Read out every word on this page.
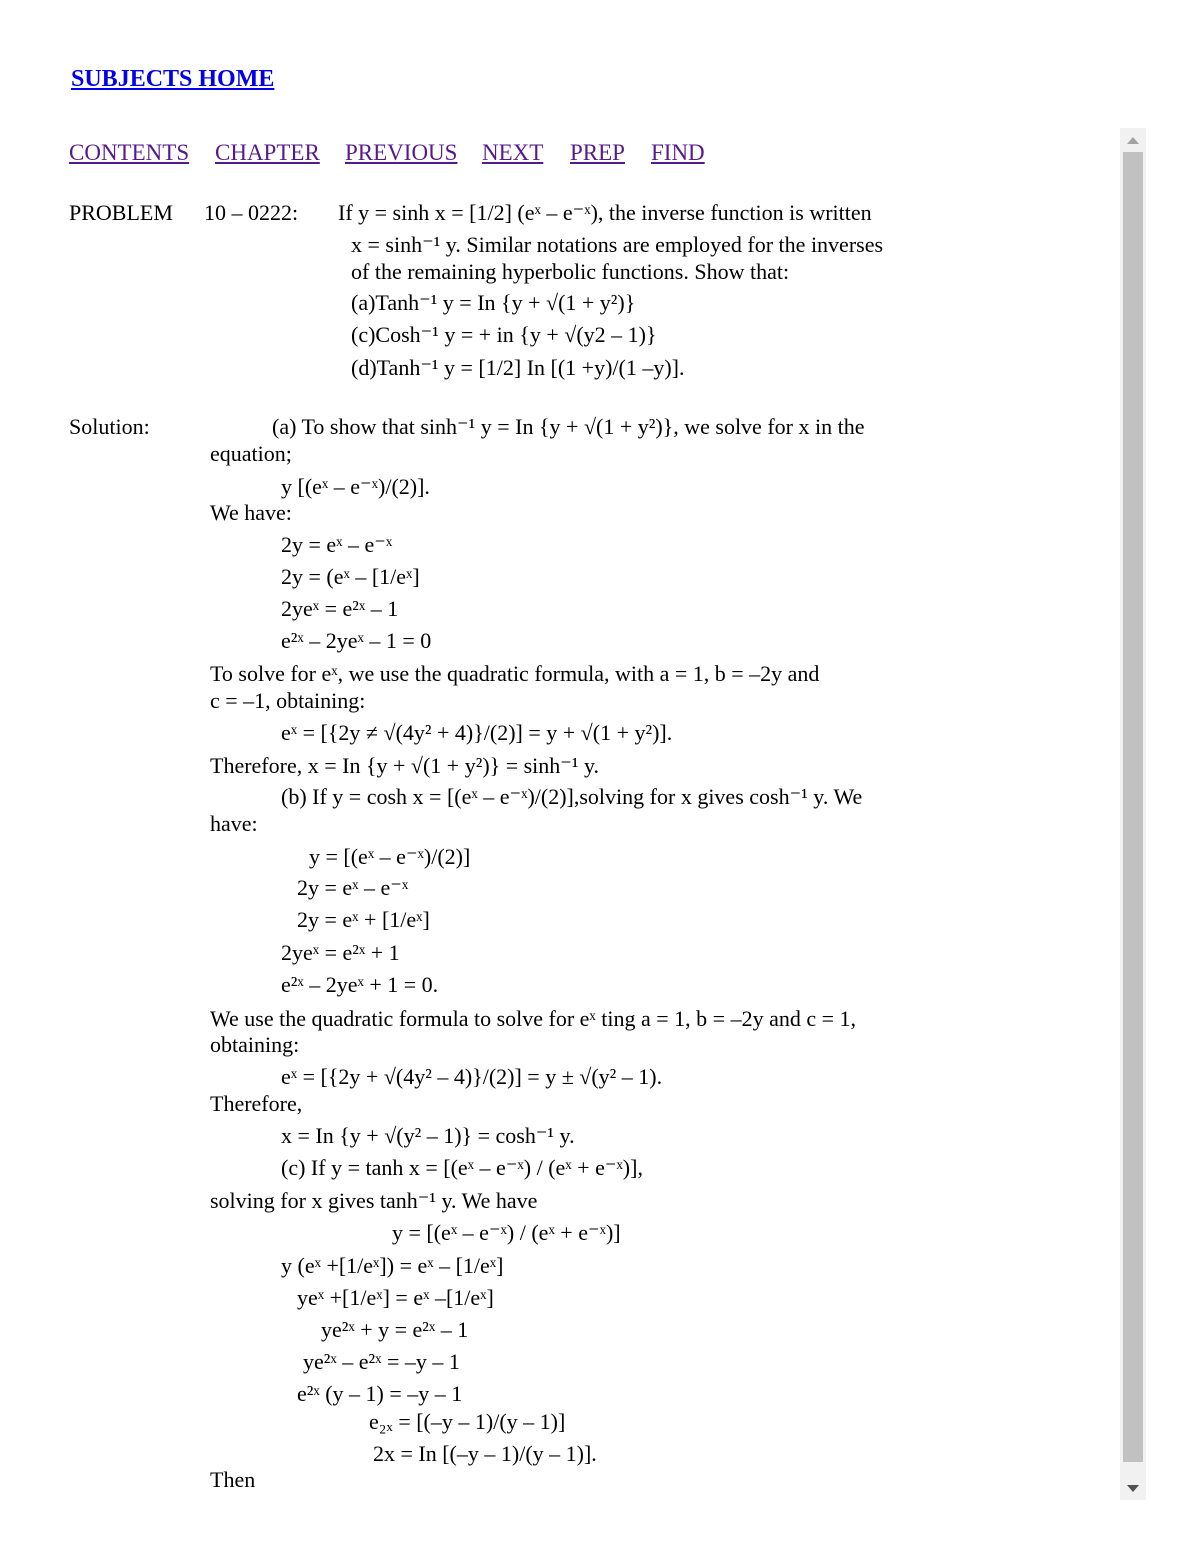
SUBJECTS HOME
CONTENTS CHAPTER PREVIOUS NEXT PREP FIND
PROBLEM 10 – 0222: If y = sinh x = [1/2] (eˣ – e⁻ˣ), the inverse function is written
x = sinh⁻¹ y. Similar notations are employed for the inverses
of the remaining hyperbolic functions. Show that:
(a)Tanh⁻¹ y = In {y + √(1 + y²)}
(c)Cosh⁻¹ y = + in {y + √(y2 – 1)}
(d)Tanh⁻¹ y = [1/2] In [(1 +y)/(1 –y)].
Solution:	(a) To show that sinh⁻¹ y = In {y + √(1 + y²)}, we solve for x in the
equation;
y [(eˣ – e⁻ˣ)/(2)].
We have:
2y = eˣ – e⁻ˣ
2y = (eˣ – [1/eˣ]
2yeˣ = e²ˣ – 1
e²ˣ – 2yeˣ – 1 = 0
To solve for eˣ, we use the quadratic formula, with a = 1, b = –2y and
c = –1, obtaining:
eˣ = [{2y ≠ √(4y² + 4)}/(2)] = y + √(1 + y²)].
Therefore, x = In {y + √(1 + y²)} = sinh⁻¹ y.
(b) If y = cosh x = [(eˣ – e⁻ˣ)/(2)],solving for x gives cosh⁻¹ y. We
have:
y = [(eˣ – e⁻ˣ)/(2)]
2y = eˣ – e⁻ˣ
2y = eˣ + [1/eˣ]
2yeˣ = e²ˣ + 1
e²ˣ – 2yeˣ + 1 = 0.
We use the quadratic formula to solve for eˣ ting a = 1, b = –2y and c = 1,
obtaining:
eˣ = [{2y + √(4y² – 4)}/(2)] = y ± √(y² – 1).
Therefore,
x = In {y + √(y² – 1)} = cosh⁻¹ y.
(c) If y = tanh x = [(eˣ – e⁻ˣ) / (eˣ + e⁻ˣ)],
solving for x gives tanh⁻¹ y. We have
y = [(eˣ – e⁻ˣ) / (eˣ + e⁻ˣ)]
y (eˣ +[1/eˣ]) = eˣ – [1/eˣ]
yeˣ +[1/eˣ] = eˣ –[1/eˣ]
ye²ˣ + y = e²ˣ – 1
ye²ˣ – e²ˣ = –y – 1
e²ˣ (y – 1) = –y – 1
e₂ₓ = [(–y – 1)/(y – 1)]
2x = In [(–y – 1)/(y – 1)].
Then
